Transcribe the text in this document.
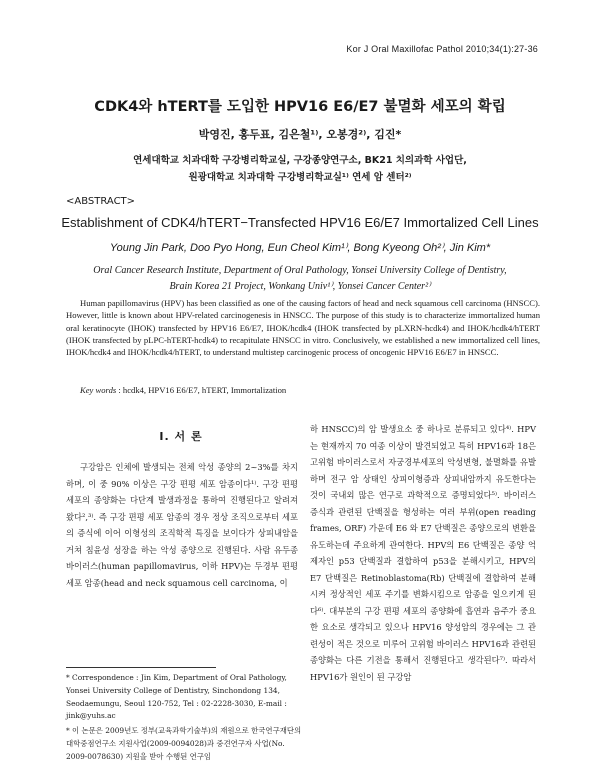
Kor J Oral Maxillofac Pathol 2010;34(1):27-36
CDK4와 hTERT를 도입한 HPV16 E6/E7 불멸화 세포의 확립
박영진, 홍두표, 김은철¹⁾, 오봉경²⁾, 김진*
연세대학교 치과대학 구강병리학교실, 구강종양연구소, BK21 치의과학 사업단,
원광대학교 치과대학 구강병리학교실¹⁾ 연세 암 센터²⁾
<ABSTRACT>
Establishment of CDK4/hTERT−Transfected HPV16 E6/E7 Immortalized Cell Lines
Young Jin Park, Doo Pyo Hong, Eun Cheol Kim¹⁾, Bong Kyeong Oh²⁾, Jin Kim*
Oral Cancer Research Institute, Department of Oral Pathology, Yonsei University College of Dentistry,
Brain Korea 21 Project, Wonkang Univ¹⁾, Yonsei Cancer Center²⁾

Human papillomavirus (HPV) has been classified as one of the causing factors of head and neck squamous cell carcinoma (HNSCC). However, little is known about HPV-related carcinogenesis in HNSCC. The purpose of this study is to characterize immortalized human oral keratinocyte (IHOK) transfected by HPV16 E6/E7, IHOK/hcdk4 (IHOK transfected by pLXRN-hcdk4) and IHOK/hcdk4/hTERT (IHOK transfected by pLPC-hTERT-hcdk4) to recapitulate HNSCC in vitro. Conclusively, we established a new immortalized cell lines, IHOK/hcdk4 and IHOK/hcdk4/hTERT, to understand multistep carcinogenic process of oncogenic HPV16 E6/E7 in HNSCC.

Key words : hcdk4, HPV16 E6/E7, hTERT, Immortalization
I. 서 론

구강암은 인체에 발생되는 전체 악성 종양의 2~3%를 차지하며, 이 중 90% 이상은 구강 편평 세포 암종이다¹⁾. 구강 편평 세포의 종양화는 다단계 발생과정을 통하여 진행된다고 알려져 왔다²,³⁾. 즉 구강 편평 세포 암종의 경우 정상 조직으로부터 세포의 증식에 이어 이형성의 조직학적 특징을 보이다가 상피내암을 거쳐 침윤성 성장을 하는 악성 종양으로 진행된다. 사람 유두종 바이러스(human papillomavirus, 이하 HPV)는 두경부 편평 세포 암종(head and neck squamous cell carcinoma, 이

하 HNSCC)의 암 발생요소 중 하나로 분류되고 있다⁴⁾. HPV는 현재까지 70 여종 이상이 발견되었고 특히 HPV16과 18은 고위험 바이러스로서 자궁경부세포의 악성변형, 불멸화를 유발하며 전구 암 상태인 상피이형증과 상피내암까지 유도한다는 것이 국내외 많은 연구로 과학적으로 증명되었다⁵⁾. 바이러스 증식과 관련된 단백질을 형성하는 여러 부위(open reading frames, ORF) 가운데 E6 와 E7 단백질은 종양으로의 변환을 유도하는데 주요하게 관여한다. HPV의 E6 단백질은 종양 억제자인 p53 단백질과 결합하여 p53을 분해시키고, HPV의 E7 단백질은 Retinoblastoma(Rb) 단백질에 결합하여 분해 시켜 정상적인 세포 주기를 변화시킴으로 암종을 일으키게 된다⁶⁾. 대부분의 구강 편평 세포의 종양화에 흡연과 음주가 중요한 요소로 생각되고 있으나 HPV16 양성암의 경우에는 그 관련성이 적은 것으로 미루어 고위험 바이러스 HPV16과 관련된 종양화는 다른 기전을 통해서 진행된다고 생각된다⁷⁾. 따라서 HPV16가 원인이 된 구강암

* Correspondence : Jin Kim, Department of Oral Pathology, Yonsei University College of Dentistry, Sinchondong 134, Seodaemungu, Seoul 120-752, Tel : 02-2228-3030, E-mail : jink@yuhs.ac

* 이 논문은 2009년도 정부(교육과학기술부)의 재원으로 한국연구재단의 대학중점연구소 지원사업(2009-0094028)과 중견연구자 사업(No. 2009-0078630) 지원을 받아 수행된 연구임
